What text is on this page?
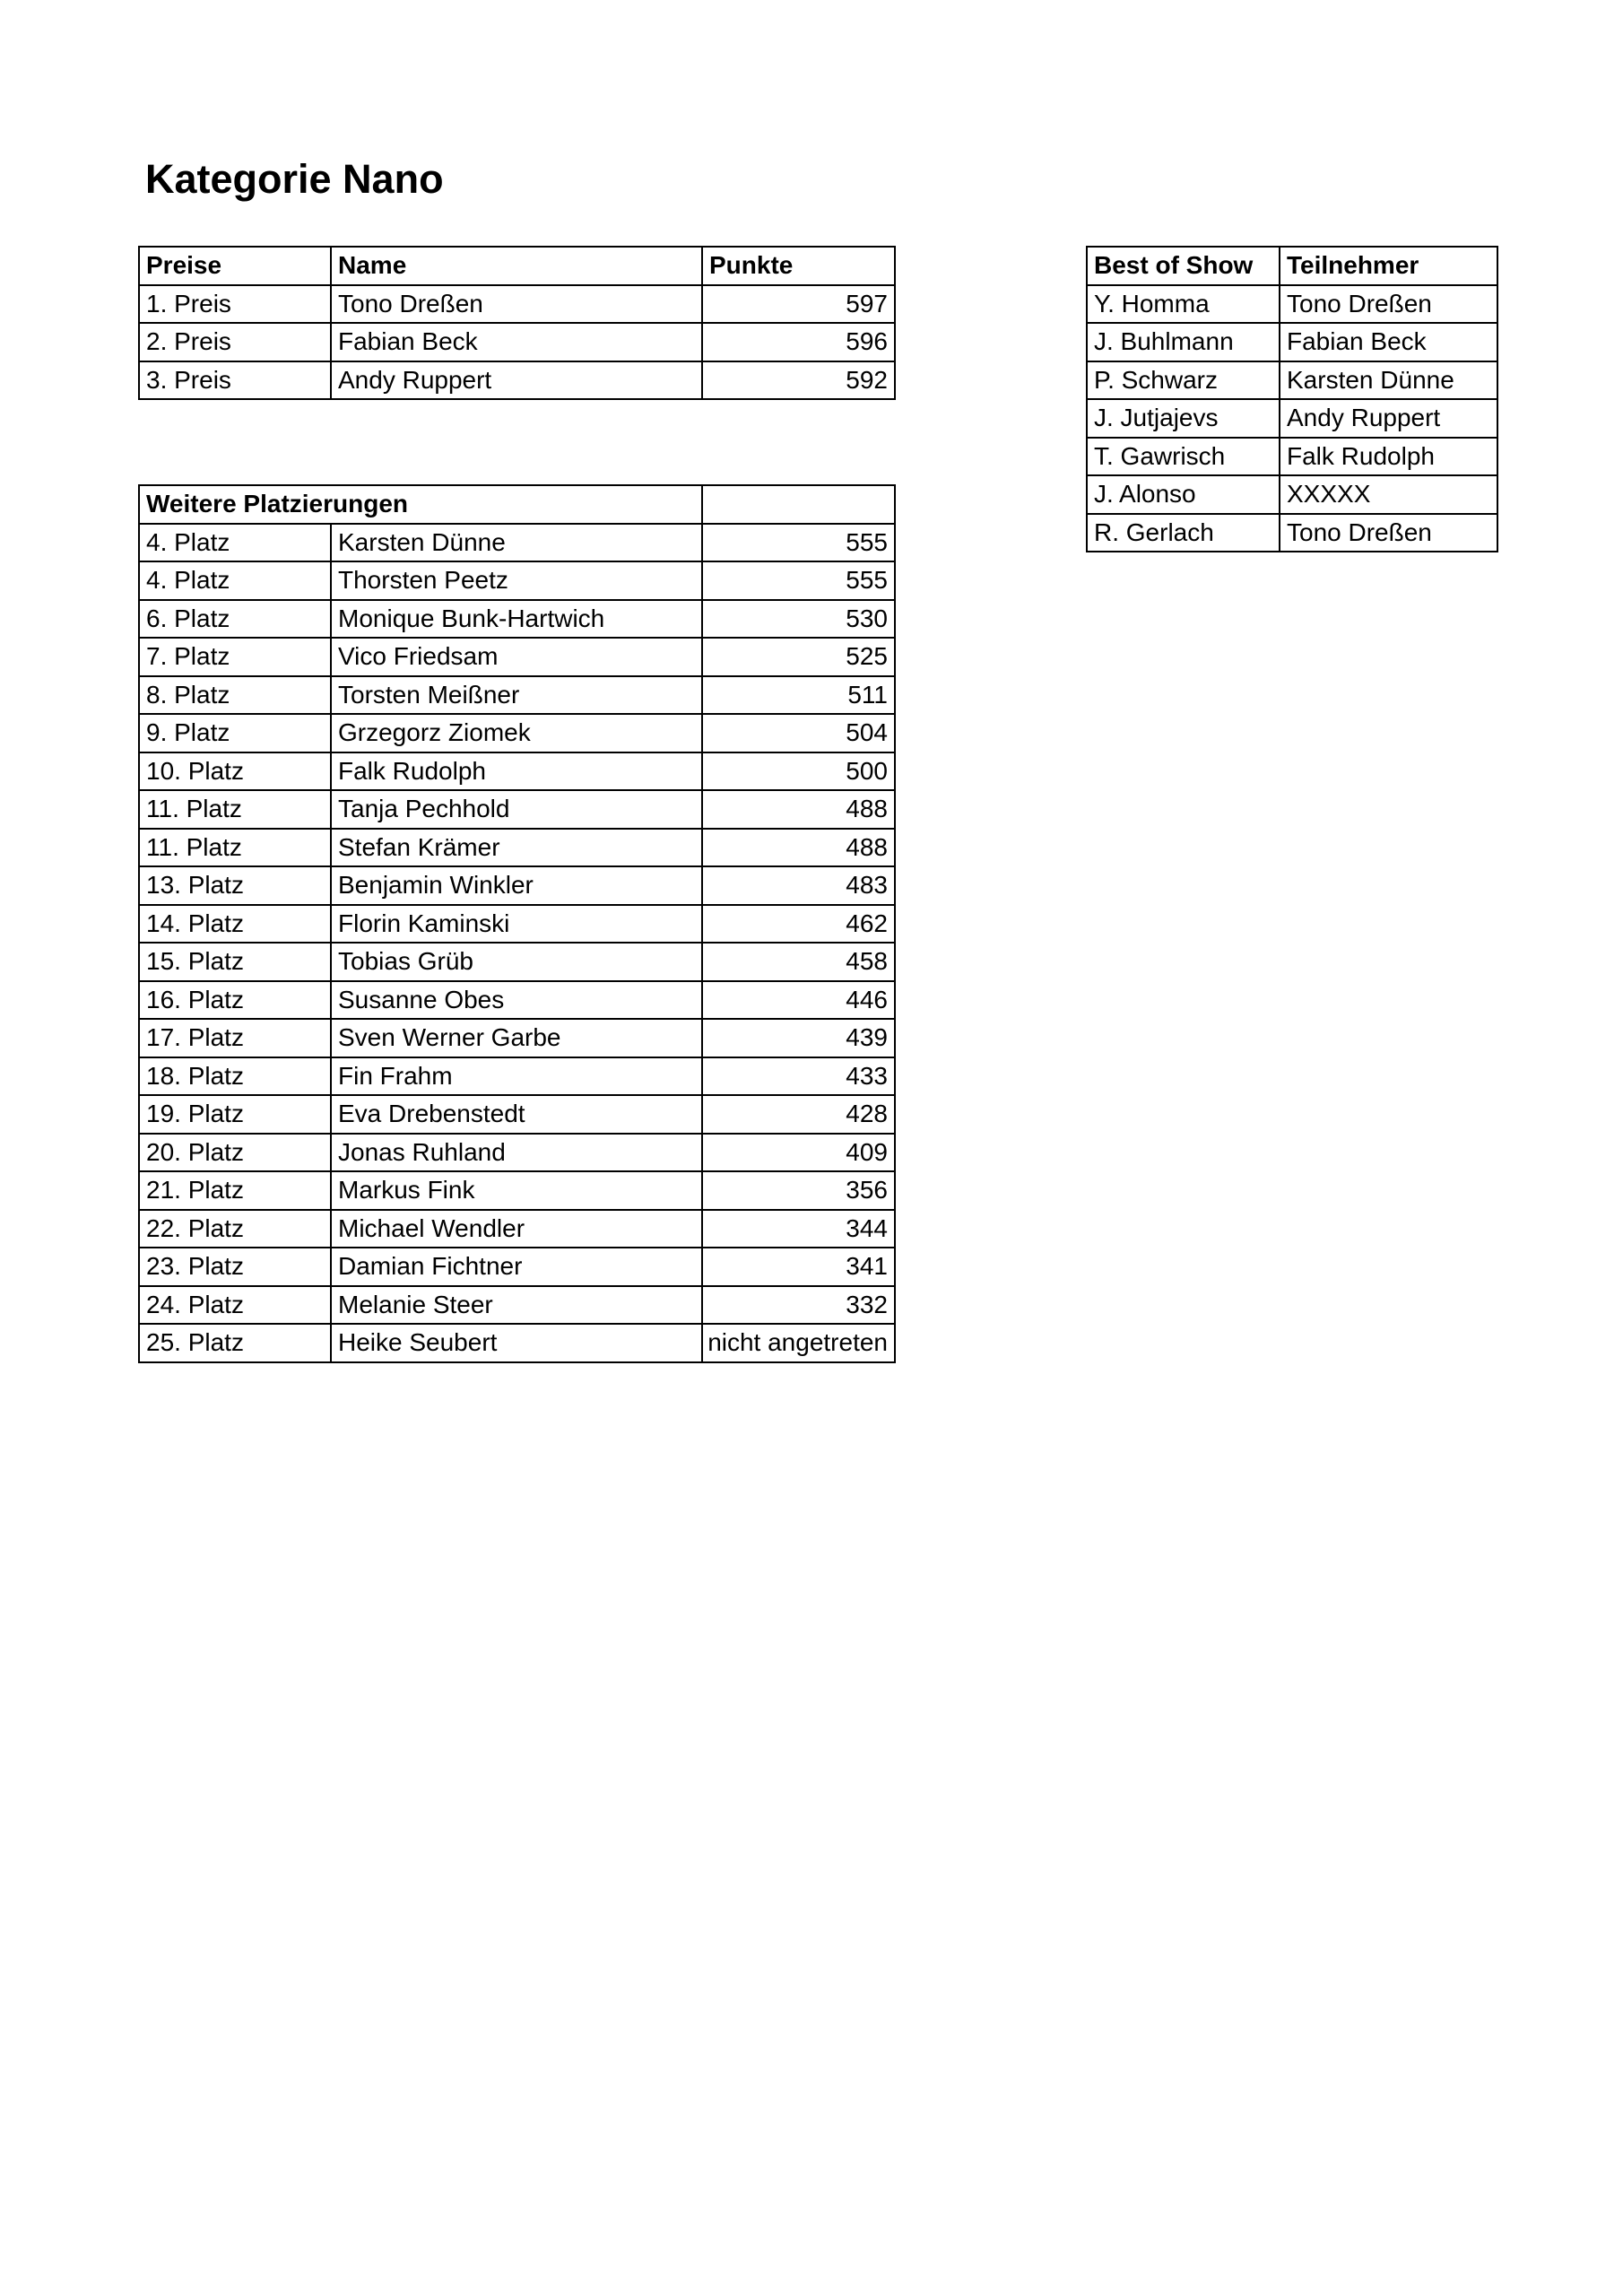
Kategorie Nano
Preise	Name	Punkte
1. Preis	Tono Dreßen	597
2. Preis	Fabian Beck	596
3. Preis	Andy Ruppert	592
Weitere Platzierungen		
4. Platz	Karsten Dünne	555
4. Platz	Thorsten Peetz	555
6. Platz	Monique Bunk-Hartwich	530
7. Platz	Vico Friedsam	525
8. Platz	Torsten Meißner	511
9. Platz	Grzegorz Ziomek	504
10. Platz	Falk Rudolph	500
11. Platz	Tanja Pechhold	488
11. Platz	Stefan Krämer	488
13. Platz	Benjamin Winkler	483
14. Platz	Florin Kaminski	462
15. Platz	Tobias Grüb	458
16. Platz	Susanne Obes	446
17. Platz	Sven Werner Garbe	439
18. Platz	Fin Frahm	433
19. Platz	Eva Drebenstedt	428
20. Platz	Jonas Ruhland	409
21. Platz	Markus Fink	356
22. Platz	Michael Wendler	344
23. Platz	Damian Fichtner	341
24. Platz	Melanie Steer	332
25. Platz	Heike Seubert	nicht angetreten
Best of Show	Teilnehmer
Y. Homma	Tono Dreßen
J. Buhlmann	Fabian Beck
P. Schwarz	Karsten Dünne
J. Jutjajevs	Andy Ruppert
T. Gawrisch	Falk Rudolph
J. Alonso	XXXXX
R. Gerlach	Tono Dreßen
